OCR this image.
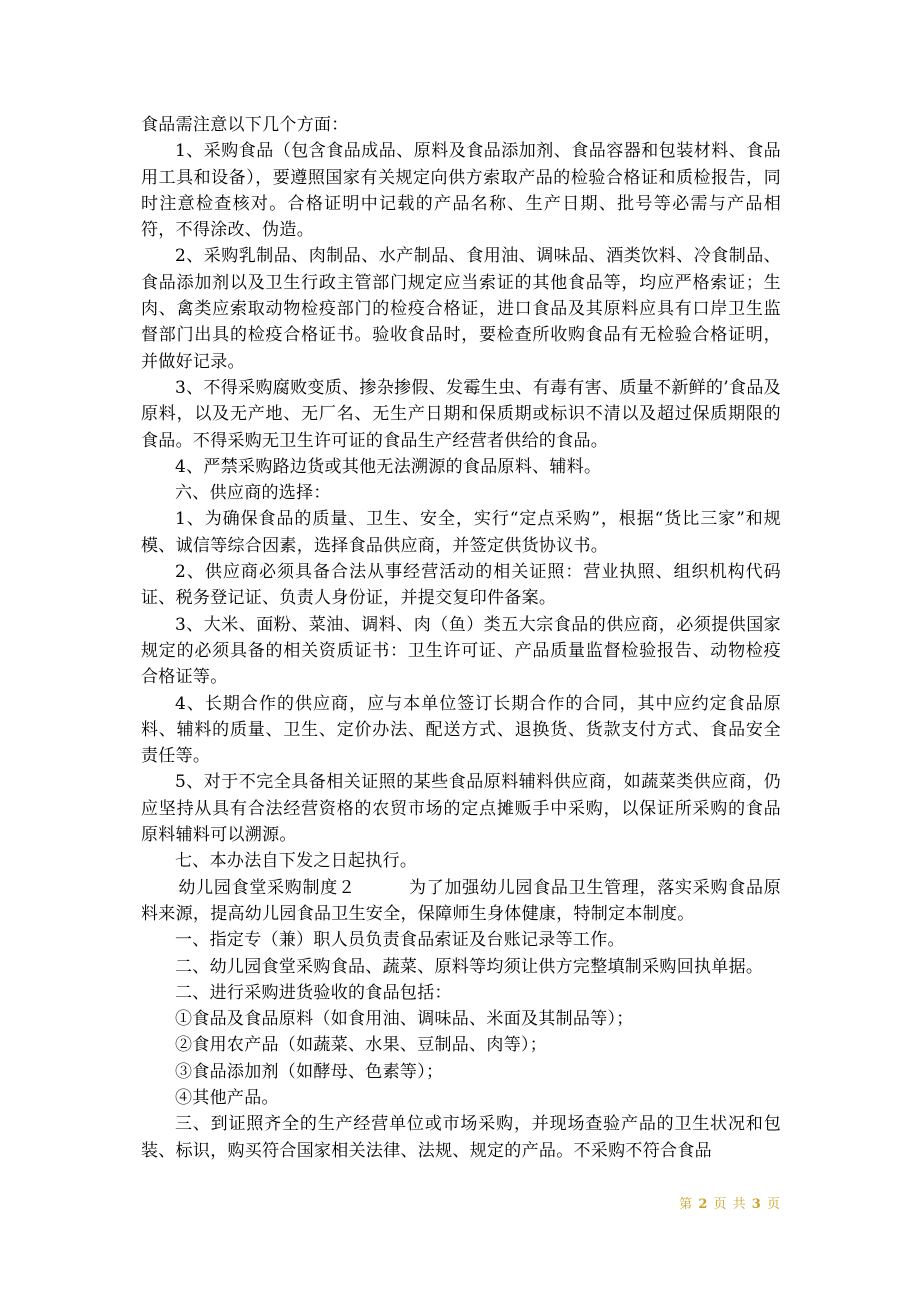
食品需注意以下几个方面：

1、采购食品（包含食品成品、原料及食品添加剂、食品容器和包装材料、食品用工具和设备），要遵照国家有关规定向供方索取产品的检验合格证和质检报告，同时注意检查核对。合格证明中记载的产品名称、生产日期、批号等必需与产品相符，不得涂改、伪造。

2、采购乳制品、肉制品、水产制品、食用油、调味品、酒类饮料、冷食制品、食品添加剂以及卫生行政主管部门规定应当索证的其他食品等，均应严格索证；生肉、禽类应索取动物检疫部门的检疫合格证，进口食品及其原料应具有口岸卫生监督部门出具的检疫合格证书。验收食品时，要检查所收购食品有无检验合格证明，并做好记录。

3、不得采购腐败变质、掺杂掺假、发霉生虫、有毒有害、质量不新鲜的’食品及原料，以及无产地、无厂名、无生产日期和保质期或标识不清以及超过保质期限的食品。不得采购无卫生许可证的食品生产经营者供给的食品。

4、严禁采购路边货或其他无法溯源的食品原料、辅料。

六、供应商的选择：

1、为确保食品的质量、卫生、安全，实行“定点采购”，根据“货比三家”和规模、诚信等综合因素，选择食品供应商，并签定供货协议书。

2、供应商必须具备合法从事经营活动的相关证照：营业执照、组织机构代码证、税务登记证、负责人身份证，并提交复印件备案。

3、大米、面粉、菜油、调料、肉（鱼）类五大宗食品的供应商，必须提供国家规定的必须具备的相关资质证书：卫生许可证、产品质量监督检验报告、动物检疫合格证等。

4、长期合作的供应商，应与本单位签订长期合作的合同，其中应约定食品原料、辅料的质量、卫生、定价办法、配送方式、退换货、货款支付方式、食品安全责任等。

5、对于不完全具备相关证照的某些食品原料辅料供应商，如蔬菜类供应商，仍应坚持从具有合法经营资格的农贸市场的定点摊贩手中采购，以保证所采购的食品原料辅料可以溯源。

七、本办法自下发之日起执行。

幼儿园食堂采购制度２　　　为了加强幼儿园食品卫生管理，落实采购食品原料来源，提高幼儿园食品卫生安全，保障师生身体健康，特制定本制度。

一、指定专（兼）职人员负责食品索证及台账记录等工作。

二、幼儿园食堂采购食品、蔬菜、原料等均须让供方完整填制采购回执单据。

二、进行采购进货验收的食品包括：

①食品及食品原料（如食用油、调味品、米面及其制品等）；

②食用农产品（如蔬菜、水果、豆制品、肉等）；

③食品添加剂（如酵母、色素等）；

④其他产品。

三、到证照齐全的生产经营单位或市场采购，并现场查验产品的卫生状况和包装、标识，购买符合国家相关法律、法规、规定的产品。不采购不符合食品

第 2 页 共 3 页
